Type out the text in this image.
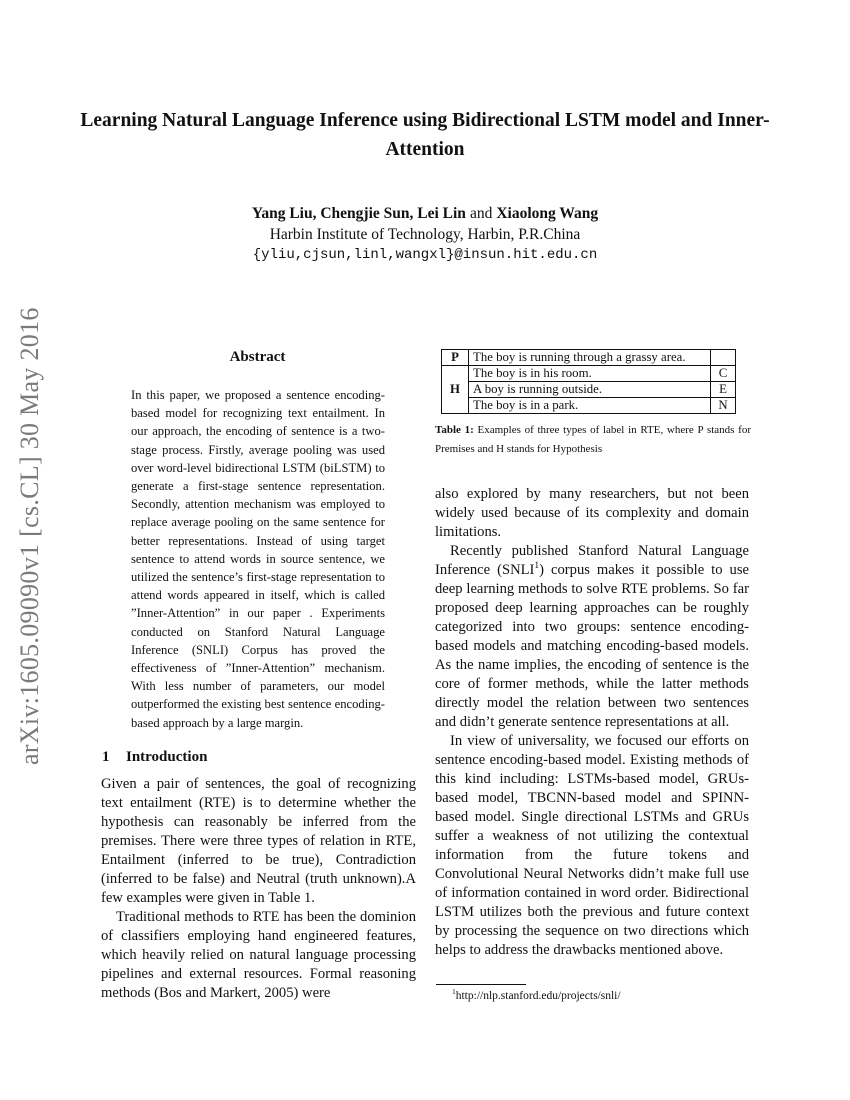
arXiv:1605.09090v1 [cs.CL] 30 May 2016
Learning Natural Language Inference using Bidirectional LSTM model and Inner-Attention
Yang Liu, Chengjie Sun, Lei Lin and Xiaolong Wang
Harbin Institute of Technology, Harbin, P.R.China
{yliu,cjsun,linl,wangxl}@insun.hit.edu.cn
Abstract
In this paper, we proposed a sentence encoding-based model for recognizing text entailment. In our approach, the encoding of sentence is a two-stage process. Firstly, average pooling was used over word-level bidirectional LSTM (biLSTM) to generate a first-stage sentence representation. Secondly, attention mechanism was employed to replace average pooling on the same sentence for better representations. Instead of using target sentence to attend words in source sentence, we utilized the sentence’s first-stage representation to attend words appeared in itself, which is called ”Inner-Attention” in our paper . Experiments conducted on Stanford Natural Language Inference (SNLI) Corpus has proved the effectiveness of ”Inner-Attention” mechanism. With less number of parameters, our model outperformed the existing best sentence encoding-based approach by a large margin.
1 Introduction

Given a pair of sentences, the goal of recognizing text entailment (RTE) is to determine whether the hypothesis can reasonably be inferred from the premises. There were three types of relation in RTE, Entailment (inferred to be true), Contradiction (inferred to be false) and Neutral (truth unknown).A few examples were given in Table 1.

Traditional methods to RTE has been the dominion of classifiers employing hand engineered features, which heavily relied on natural language processing pipelines and external resources. Formal reasoning methods (Bos and Markert, 2005) were

P	The boy is running through a grassy area.	
H	The boy is in his room.	C
	A boy is running outside.	E
	The boy is in a park.	N
Table 1: Examples of three types of label in RTE, where P stands for Premises and H stands for Hypothesis

also explored by many researchers, but not been widely used because of its complexity and domain limitations.

Recently published Stanford Natural Language Inference (SNLI$^1$) corpus makes it possible to use deep learning methods to solve RTE problems. So far proposed deep learning approaches can be roughly categorized into two groups: sentence encoding-based models and matching encoding-based models. As the name implies, the encoding of sentence is the core of former methods, while the latter methods directly model the relation between two sentences and didn’t generate sentence representations at all.

In view of universality, we focused our efforts on sentence encoding-based model. Existing methods of this kind including: LSTMs-based model, GRUs-based model, TBCNN-based model and SPINN-based model. Single directional LSTMs and GRUs suffer a weakness of not utilizing the contextual information from the future tokens and Convolutional Neural Networks didn’t make full use of information contained in word order. Bidirectional LSTM utilizes both the previous and future context by processing the sequence on two directions which helps to address the drawbacks mentioned above.

$^1$http://nlp.stanford.edu/projects/snli/
